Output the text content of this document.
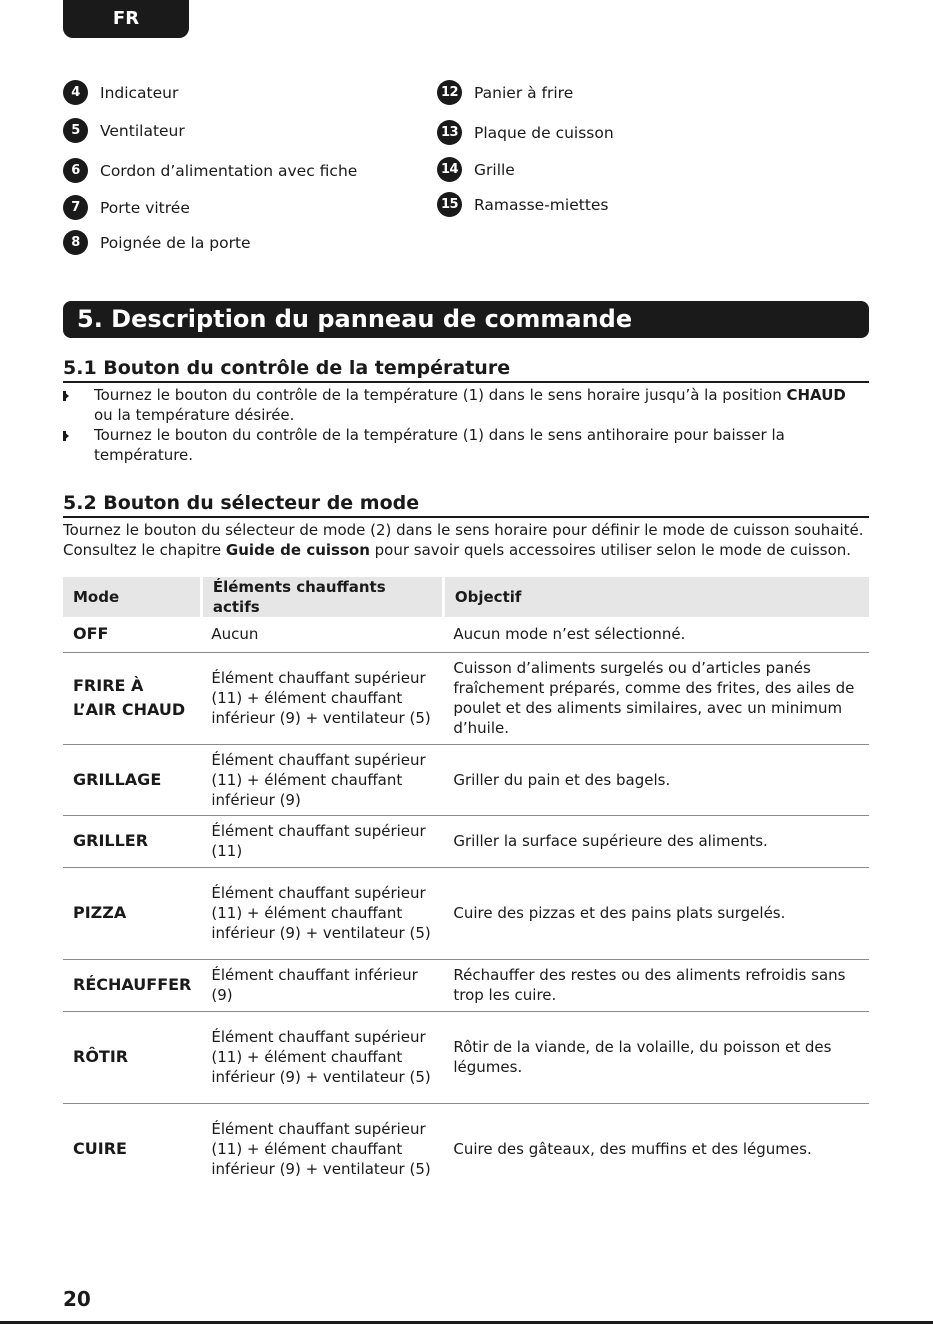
FR
4	Indicateur
5	Ventilateur
6	Cordon d’alimentation avec fiche
7	Porte vitrée
8	Poignée de la porte
12 Panier à frire
13 Plaque de cuisson
14 Grille
15 Ramasse-miettes
5. Description du panneau de commande
5.1 Bouton du contrôle de la température
Tournez le bouton du contrôle de la température (1) dans le sens horaire jusqu’à la position CHAUD ou la température désirée.
Tournez le bouton du contrôle de la température (1) dans le sens antihoraire pour baisser la température.
5.2 Bouton du sélecteur de mode
Tournez le bouton du sélecteur de mode (2) dans le sens horaire pour définir le mode de cuisson souhaité. Consultez le chapitre Guide de cuisson pour savoir quels accessoires utiliser selon le mode de cuisson.
Mode	Éléments chauffants actifs	Objectif
OFF	Aucun	Aucun mode n’est sélectionné.
FRIRE À L’AIR CHAUD	Élément chauffant supérieur (11) + élément chauffant inférieur (9) + ventilateur (5)	Cuisson d’aliments surgelés ou d’articles panés fraîchement préparés, comme des frites, des ailes de poulet et des aliments similaires, avec un minimum d’huile.
GRILLAGE	Élément chauffant supérieur (11) + élément chauffant inférieur (9)	Griller du pain et des bagels.
GRILLER	Élément chauffant supérieur (11)	Griller la surface supérieure des aliments.
PIZZA	Élément chauffant supérieur (11) + élément chauffant inférieur (9) + ventilateur (5)	Cuire des pizzas et des pains plats surgelés.
RÉCHAUFFER	Élément chauffant inférieur (9)	Réchauffer des restes ou des aliments refroidis sans trop les cuire.
RÔTIR	Élément chauffant supérieur (11) + élément chauffant inférieur (9) + ventilateur (5)	Rôtir de la viande, de la volaille, du poisson et des légumes.
CUIRE	Élément chauffant supérieur (11) + élément chauffant inférieur (9) + ventilateur (5)	Cuire des gâteaux, des muffins et des légumes.
20
